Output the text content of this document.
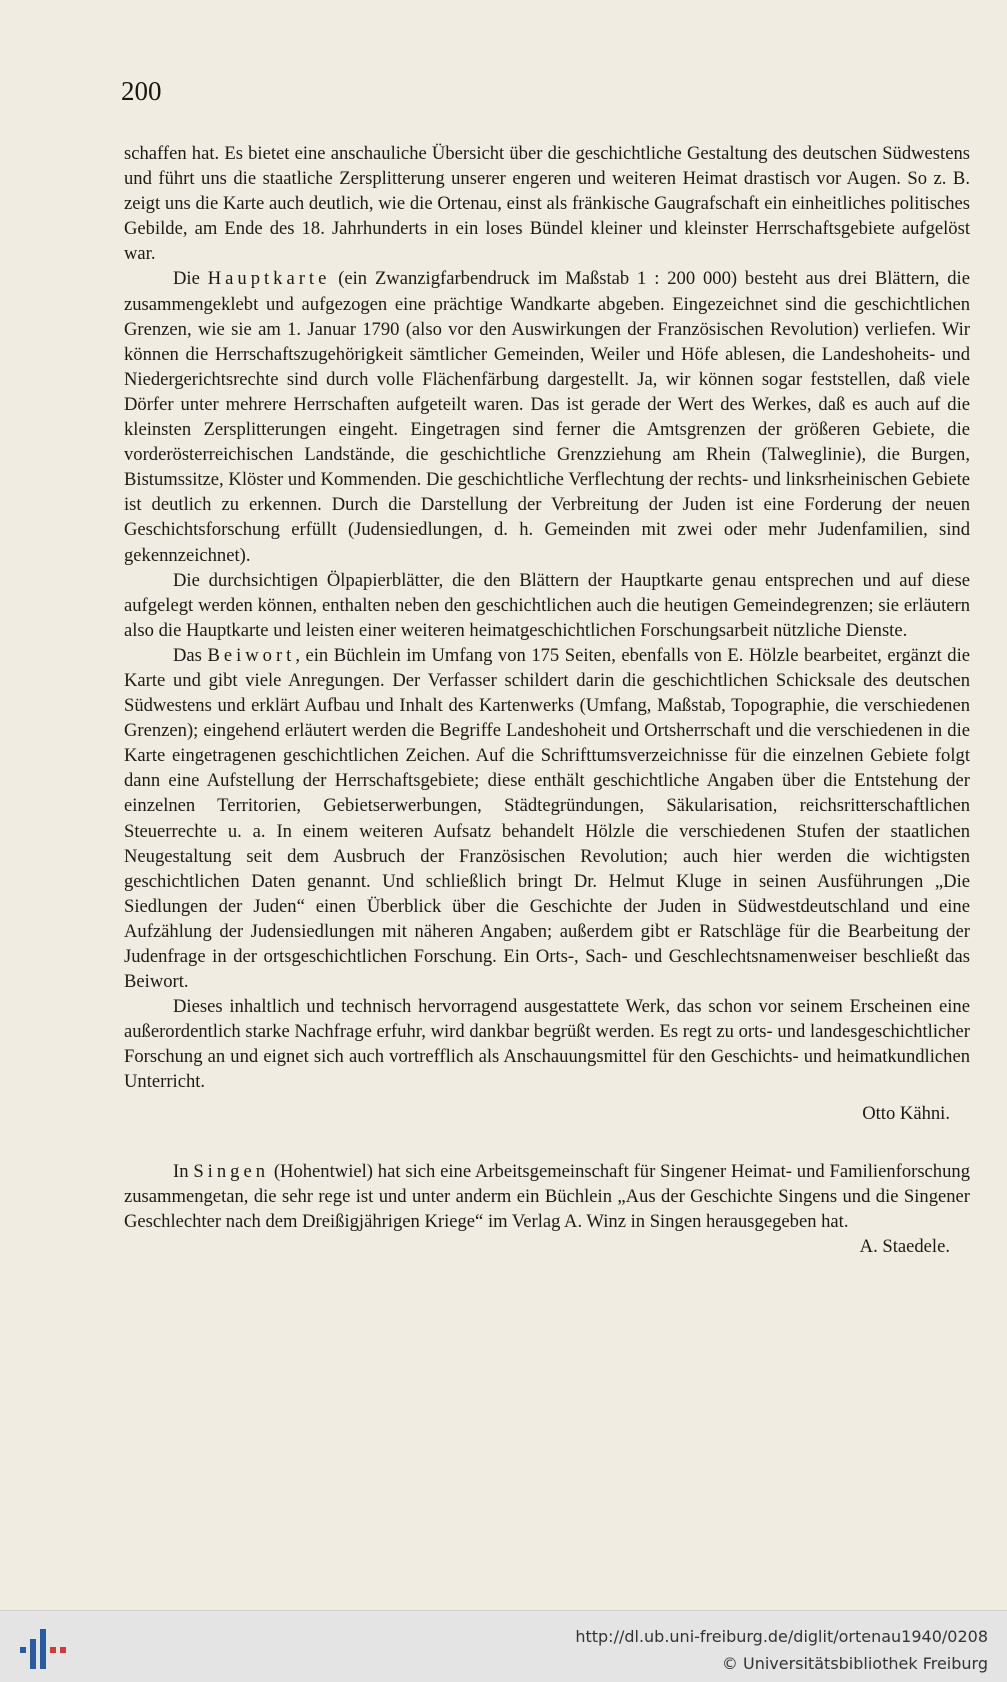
200

schaffen hat. Es bietet eine anschauliche Übersicht über die geschichtliche Gestaltung des deutschen Südwestens und führt uns die staatliche Zersplitterung unserer engeren und weiteren Heimat drastisch vor Augen. So z. B. zeigt uns die Karte auch deutlich, wie die Ortenau, einst als fränkische Gaugrafschaft ein einheitliches politisches Gebilde, am Ende des 18. Jahrhunderts in ein loses Bündel kleiner und kleinster Herrschaftsgebiete aufgelöst war.

Die Hauptkarte (ein Zwanzigfarbendruck im Maßstab 1 : 200 000) besteht aus drei Blättern, die zusammengeklebt und aufgezogen eine prächtige Wandkarte abgeben. Eingezeichnet sind die geschichtlichen Grenzen, wie sie am 1. Januar 1790 (also vor den Auswirkungen der Französischen Revolution) verliefen. Wir können die Herrschaftszugehörigkeit sämtlicher Gemeinden, Weiler und Höfe ablesen, die Landeshoheits- und Niedergerichtsrechte sind durch volle Flächenfärbung dargestellt. Ja, wir können sogar feststellen, daß viele Dörfer unter mehrere Herrschaften aufgeteilt waren. Das ist gerade der Wert des Werkes, daß es auch auf die kleinsten Zersplitterungen eingeht. Eingetragen sind ferner die Amtsgrenzen der größeren Gebiete, die vorderösterreichischen Landstände, die geschichtliche Grenzziehung am Rhein (Talweglinie), die Burgen, Bistumssitze, Klöster und Kommenden. Die geschichtliche Verflechtung der rechts- und linksrheinischen Gebiete ist deutlich zu erkennen. Durch die Darstellung der Verbreitung der Juden ist eine Forderung der neuen Geschichtsforschung erfüllt (Judensiedlungen, d. h. Gemeinden mit zwei oder mehr Judenfamilien, sind gekennzeichnet).

Die durchsichtigen Ölpapierblätter, die den Blättern der Hauptkarte genau entsprechen und auf diese aufgelegt werden können, enthalten neben den geschichtlichen auch die heutigen Gemeindegrenzen; sie erläutern also die Hauptkarte und leisten einer weiteren heimatgeschichtlichen Forschungsarbeit nützliche Dienste.

Das Beiwort, ein Büchlein im Umfang von 175 Seiten, ebenfalls von E. Hölzle bearbeitet, ergänzt die Karte und gibt viele Anregungen. Der Verfasser schildert darin die geschichtlichen Schicksale des deutschen Südwestens und erklärt Aufbau und Inhalt des Kartenwerks (Umfang, Maßstab, Topographie, die verschiedenen Grenzen); eingehend erläutert werden die Begriffe Landeshoheit und Ortsherrschaft und die verschiedenen in die Karte eingetragenen geschichtlichen Zeichen. Auf die Schrifttumsverzeichnisse für die einzelnen Gebiete folgt dann eine Aufstellung der Herrschaftsgebiete; diese enthält geschichtliche Angaben über die Entstehung der einzelnen Territorien, Gebietserwerbungen, Städtegründungen, Säkularisation, reichsritterschaftlichen Steuerrechte u. a. In einem weiteren Aufsatz behandelt Hölzle die verschiedenen Stufen der staatlichen Neugestaltung seit dem Ausbruch der Französischen Revolution; auch hier werden die wichtigsten geschichtlichen Daten genannt. Und schließlich bringt Dr. Helmut Kluge in seinen Ausführungen „Die Siedlungen der Juden“ einen Überblick über die Geschichte der Juden in Südwestdeutschland und eine Aufzählung der Judensiedlungen mit näheren Angaben; außerdem gibt er Ratschläge für die Bearbeitung der Judenfrage in der ortsgeschichtlichen Forschung. Ein Orts-, Sach- und Geschlechtsnamenweiser beschließt das Beiwort.

Dieses inhaltlich und technisch hervorragend ausgestattete Werk, das schon vor seinem Erscheinen eine außerordentlich starke Nachfrage erfuhr, wird dankbar begrüßt werden. Es regt zu orts- und landesgeschichtlicher Forschung an und eignet sich auch vortrefflich als Anschauungsmittel für den Geschichts- und heimatkundlichen Unterricht.

Otto Kähni.

In Singen (Hohentwiel) hat sich eine Arbeitsgemeinschaft für Singener Heimat- und Familienforschung zusammengetan, die sehr rege ist und unter anderm ein Büchlein „Aus der Geschichte Singens und die Singener Geschlechter nach dem Dreißigjährigen Kriege“ im Verlag A. Winz in Singen herausgegeben hat.

A. Staedele.

http://dl.ub.uni-freiburg.de/diglit/ortenau1940/0208
© Universitätsbibliothek Freiburg
